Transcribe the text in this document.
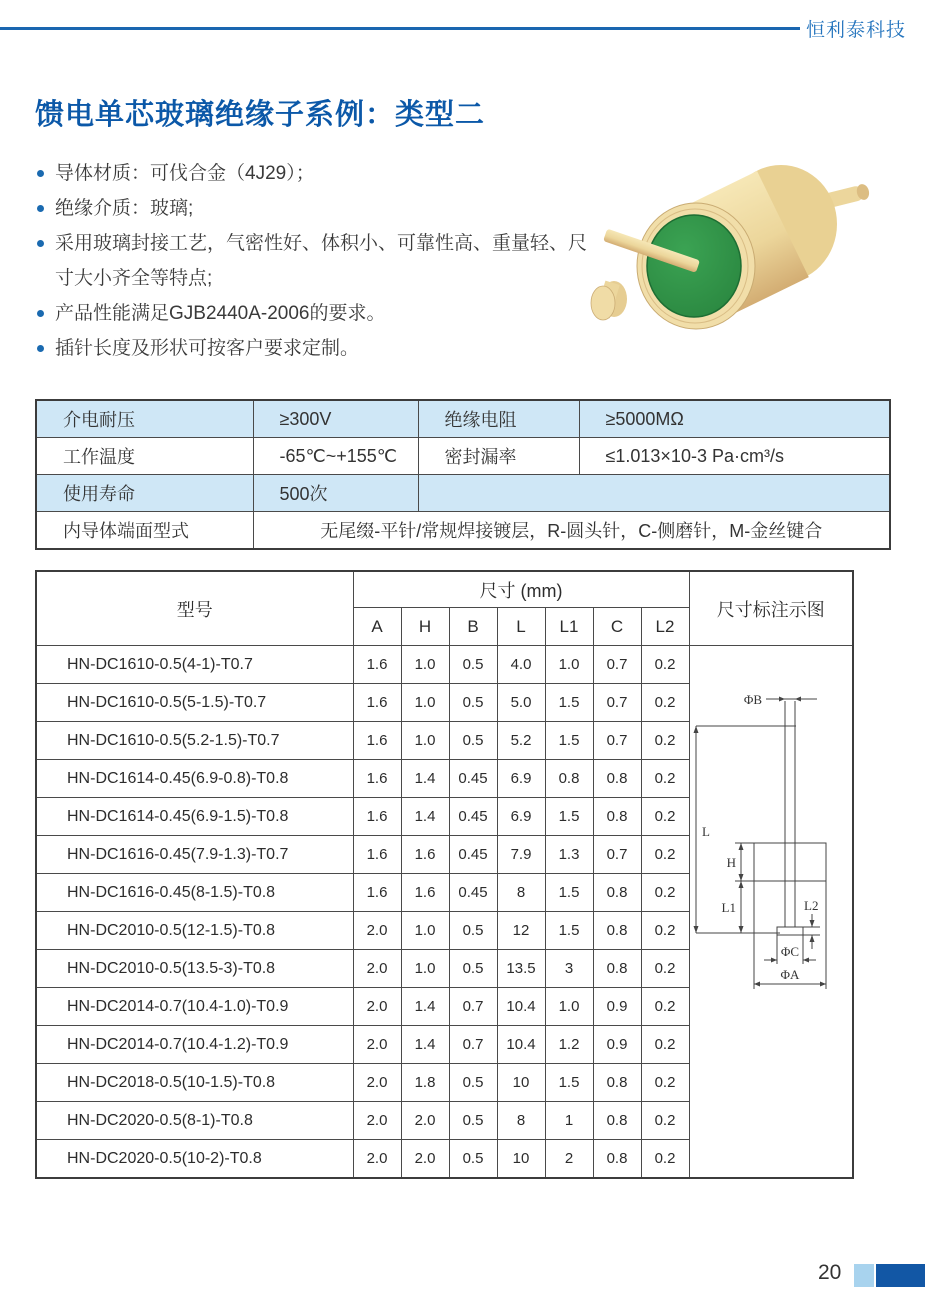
恒利泰科技
馈电单芯玻璃绝缘子系例：类型二
导体材质：可伐合金（4J29）；
绝缘介质：玻璃;
采用玻璃封接工艺，气密性好、体积小、可靠性高、重量轻、尺寸大小齐全等特点;
产品性能满足GJB2440A-2006的要求。
插针长度及形状可按客户要求定制。
介电耐压	≥300V	绝缘电阻	≥5000MΩ
工作温度	-65℃~+155℃	密封漏率	≤1.013×10-3 Pa·cm³/s
使用寿命	500次		
内导体端面型式	无尾缀-平针/常规焊接镀层，R-圆头针，C-侧磨针，M-金丝键合		
型号	尺寸 (mm)							尺寸标注示图
	A	H	B	L	L1	C	L2	
HN-DC1610-0.5(4-1)-T0.7	1.6	1.0	0.5	4.0	1.0	0.7	0.2	
ΦB
L
H
L1	L2
ΦC
ΦA

HN-DC1610-0.5(5-1.5)-T0.7	1.6	1.0	0.5	5.0	1.5	0.7	0.2	
HN-DC1610-0.5(5.2-1.5)-T0.7	1.6	1.0	0.5	5.2	1.5	0.7	0.2	
HN-DC1614-0.45(6.9-0.8)-T0.8	1.6	1.4	0.45	6.9	0.8	0.8	0.2	
HN-DC1614-0.45(6.9-1.5)-T0.8	1.6	1.4	0.45	6.9	1.5	0.8	0.2	
HN-DC1616-0.45(7.9-1.3)-T0.7	1.6	1.6	0.45	7.9	1.3	0.7	0.2	
HN-DC1616-0.45(8-1.5)-T0.8	1.6	1.6	0.45	8	1.5	0.8	0.2	
HN-DC2010-0.5(12-1.5)-T0.8	2.0	1.0	0.5	12	1.5	0.8	0.2	
HN-DC2010-0.5(13.5-3)-T0.8	2.0	1.0	0.5	13.5	3	0.8	0.2	
HN-DC2014-0.7(10.4-1.0)-T0.9	2.0	1.4	0.7	10.4	1.0	0.9	0.2	
HN-DC2014-0.7(10.4-1.2)-T0.9	2.0	1.4	0.7	10.4	1.2	0.9	0.2	
HN-DC2018-0.5(10-1.5)-T0.8	2.0	1.8	0.5	10	1.5	0.8	0.2	
HN-DC2020-0.5(8-1)-T0.8	2.0	2.0	0.5	8	1	0.8	0.2	
HN-DC2020-0.5(10-2)-T0.8	2.0	2.0	0.5	10	2	0.8	0.2	
20
